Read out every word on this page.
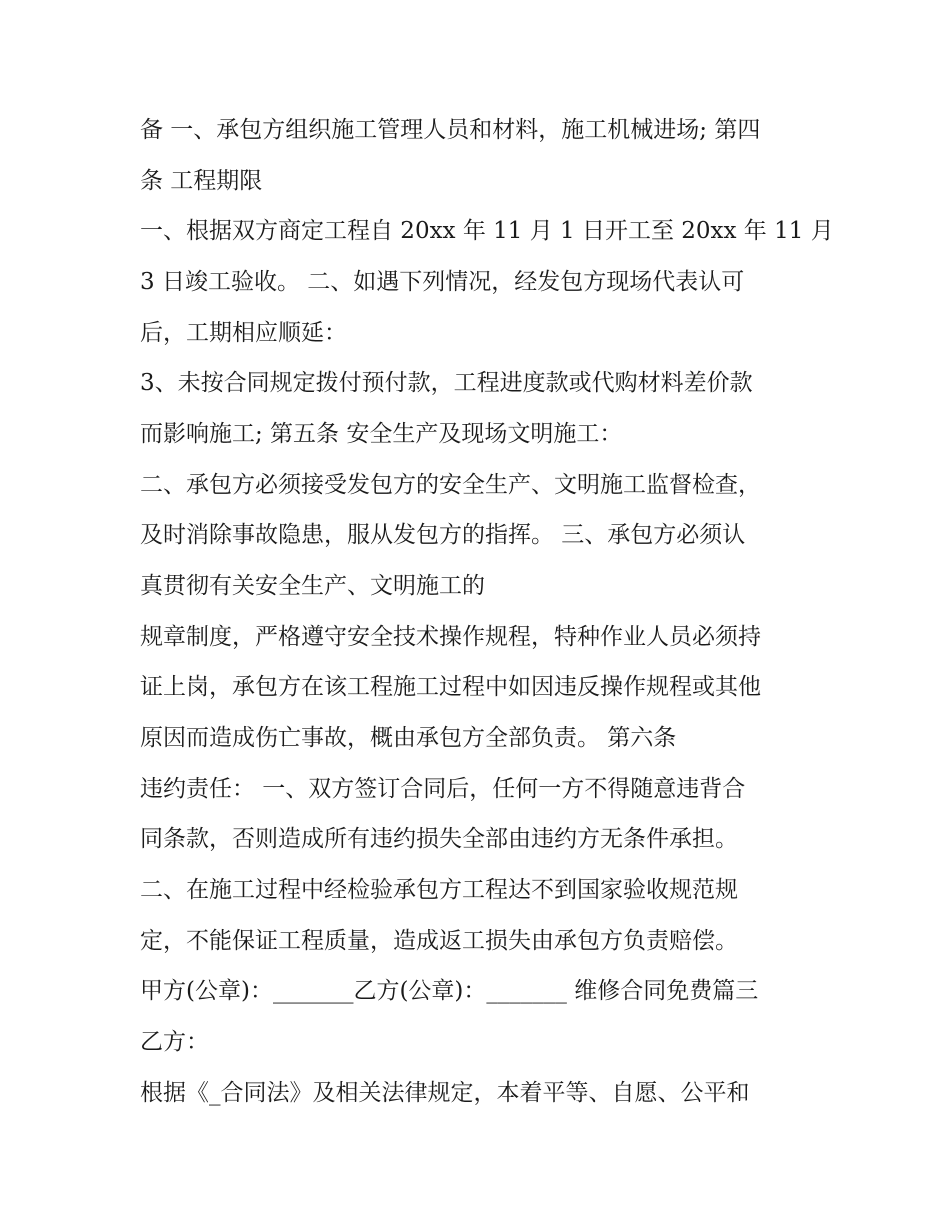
备 一、承包方组织施工管理人员和材料，施工机械进场; 第四
条 工程期限
一、根据双方商定工程自 20xx 年 11 月 1 日开工至 20xx 年 11 月
3 日竣工验收。 二、如遇下列情况，经发包方现场代表认可
后，工期相应顺延：
3、未按合同规定拨付预付款，工程进度款或代购材料差价款
而影响施工; 第五条 安全生产及现场文明施工：
二、承包方必须接受发包方的安全生产、文明施工监督检查，
及时消除事故隐患，服从发包方的指挥。 三、承包方必须认
真贯彻有关安全生产、文明施工的
规章制度，严格遵守安全技术操作规程，特种作业人员必须持
证上岗，承包方在该工程施工过程中如因违反操作规程或其他
原因而造成伤亡事故，概由承包方全部负责。 第六条
违约责任： 一、双方签订合同后，任何一方不得随意违背合
同条款，否则造成所有违约损失全部由违约方无条件承担。
二、在施工过程中经检验承包方工程达不到国家验收规范规
定，不能保证工程质量，造成返工损失由承包方负责赔偿。
甲方(公章)：_______乙方(公章)：_______ 维修合同免费篇三
乙方：
根据《_合同法》及相关法律规定，本着平等、自愿、公平和
